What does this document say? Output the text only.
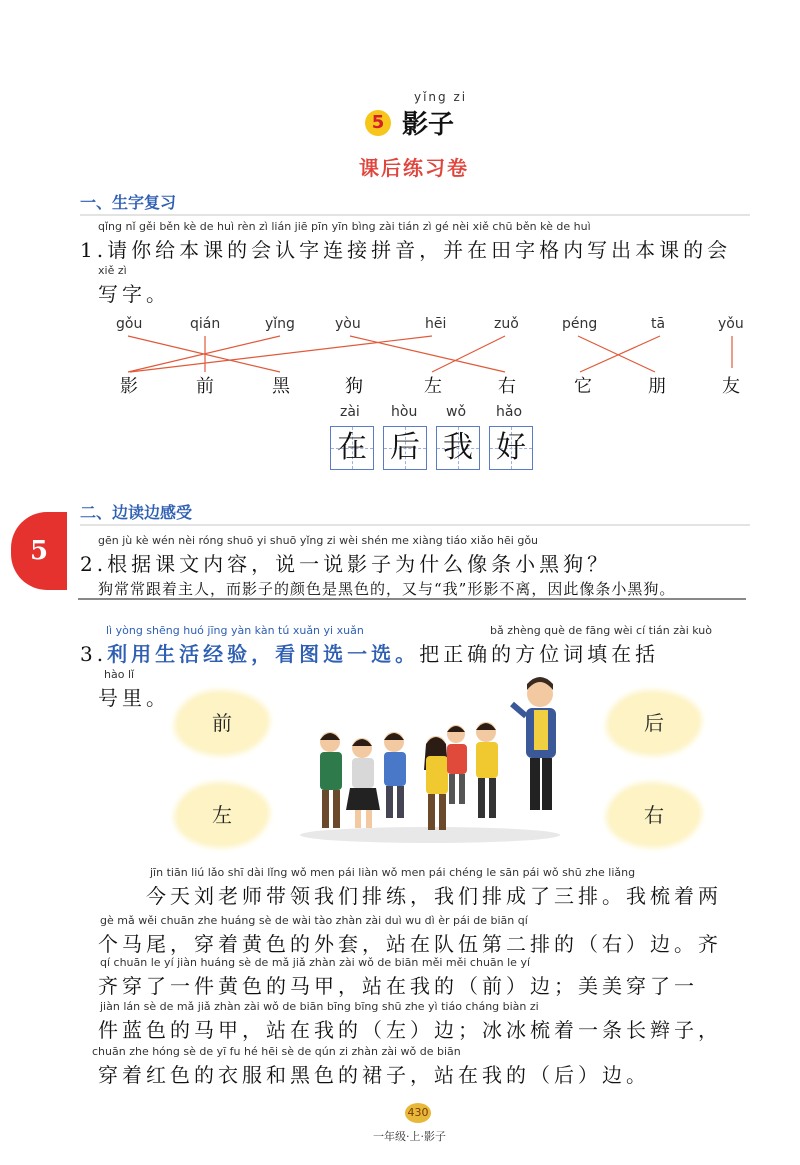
5
yǐng zi
影子
课后练习卷
一、生字复习
qǐng nǐ gěi běn kè de huì rèn zì lián jiē pīn yīn bìng zài tián zì gé nèi xiě chū běn kè de huì
1.请你给本课的会认字连接拼音，并在田字格内写出本课的会
xiě zì
写字。
gǒu	qián	yǐng	yòu	hēi	zuǒ	péng	tā	yǒu
影	前	黑	狗	左	右	它	朋	友
zài hòu wǒ hǎo
在 后 我 好
5
二、边读边感受
gēn jù kè wén nèi róng shuō yi shuō yǐng zi wèi shén me xiàng tiáo xiǎo hēi gǒu
2.根据课文内容，说一说影子为什么像条小黑狗？
狗常常跟着主人，而影子的颜色是黑色的，又与“我”形影不离，因此像条小黑狗。
lì yòng shēng huó jīng yàn kàn tú xuǎn yi xuǎn	bǎ zhèng què de fāng wèi cí tián zài kuò
3.利用生活经验，看图选一选。把正确的方位词填在括
hào lǐ
号里。
前	后
左	右
jīn tiān liú lǎo shī dài lǐng wǒ men pái liàn wǒ men pái chéng le sān pái wǒ shū zhe liǎng
　　今天刘老师带领我们排练，我们排成了三排。我梳着两
gè mǎ wěi chuān zhe huáng sè de wài tào zhàn zài duì wu dì èr pái de biān qí
个马尾，穿着黄色的外套，站在队伍第二排的（右）边。齐
qí chuān le yí jiàn huáng sè de mǎ jiǎ zhàn zài wǒ de biān měi měi chuān le yí
齐穿了一件黄色的马甲，站在我的（前）边；美美穿了一
jiàn lán sè de mǎ jiǎ zhàn zài wǒ de biān bīng bīng shū zhe yì tiáo cháng biàn zi
件蓝色的马甲，站在我的（左）边；冰冰梳着一条长辫子，
chuān zhe hóng sè de yī fu hé hēi sè de qún zi zhàn zài wǒ de biān
穿着红色的衣服和黑色的裙子，站在我的（后）边。
430
一年级·上·影子
